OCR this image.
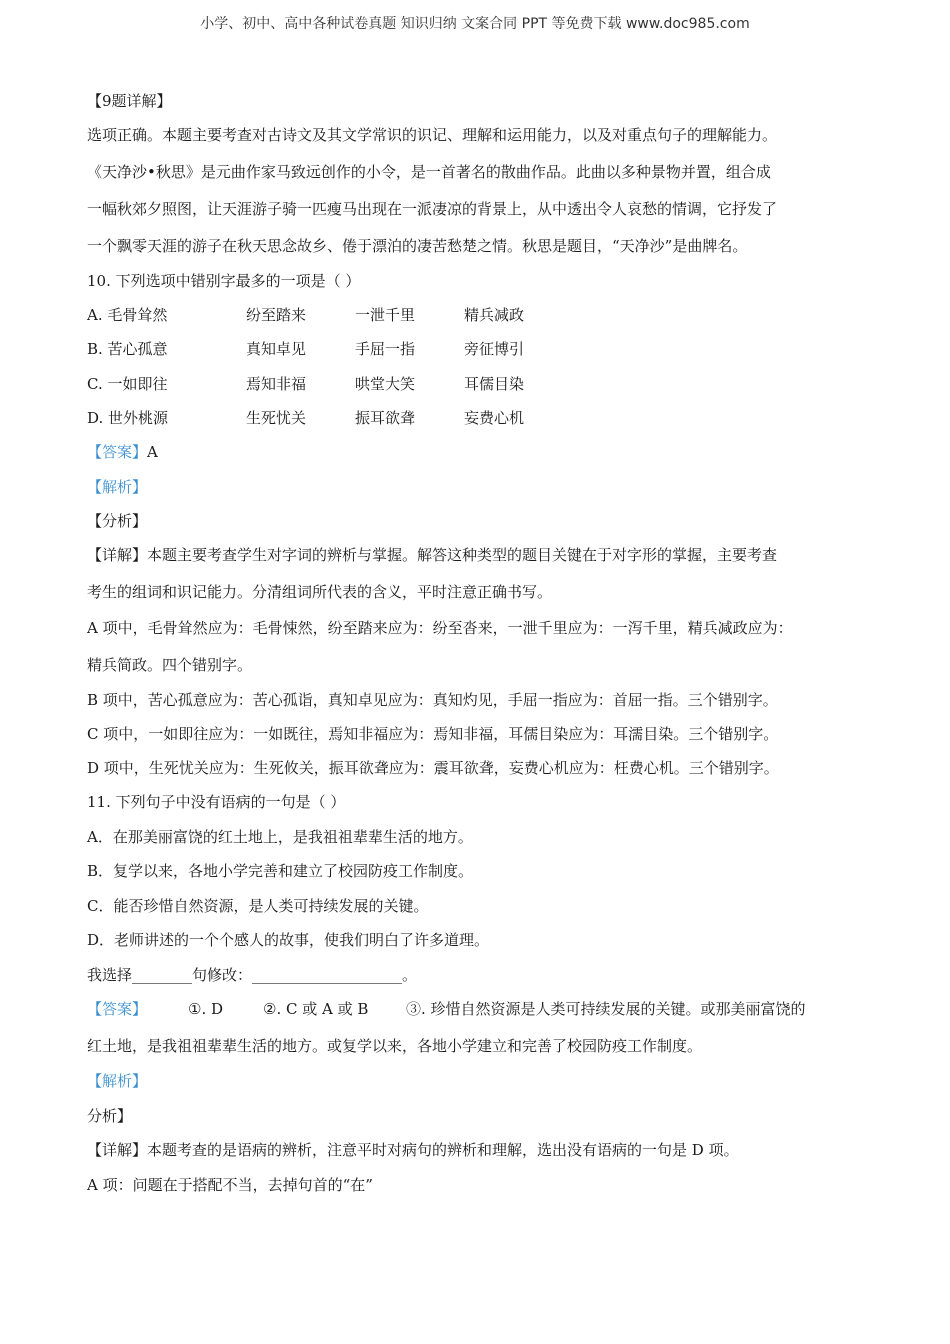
小学、初中、高中各种试卷真题 知识归纳 文案合同 PPT 等免费下载 www.doc985.com
【9题详解】
选项正确。本题主要考查对古诗文及其文学常识的识记、理解和运用能力，以及对重点句子的理解能力。
《天净沙•秋思》是元曲作家马致远创作的小令，是一首著名的散曲作品。此曲以多种景物并置，组合成
一幅秋郊夕照图，让天涯游子骑一匹瘦马出现在一派凄凉的背景上，从中透出令人哀愁的情调，它抒发了
一个飘零天涯的游子在秋天思念故乡、倦于漂泊的凄苦愁楚之情。秋思是题目，“天净沙”是曲牌名。
10. 下列选项中错别字最多的一项是（ ）
A. 毛骨耸然	纷至踏来	一泄千里	精兵减政
B. 苦心孤意	真知卓见	手屈一指	旁征博引
C. 一如即往	焉知非福	哄堂大笑	耳儒目染
D. 世外桃源	生死忧关	振耳欲聋	妄费心机
【答案】A
【解析】
【分析】
【详解】本题主要考查学生对字词的辨析与掌握。解答这种类型的题目关键在于对字形的掌握，主要考查
考生的组词和识记能力。分清组词所代表的含义，平时注意正确书写。
A 项中，毛骨耸然应为：毛骨悚然，纷至踏来应为：纷至沓来，一泄千里应为：一泻千里，精兵减政应为：
精兵简政。四个错别字。
B 项中，苦心孤意应为：苦心孤诣，真知卓见应为：真知灼见，手屈一指应为：首屈一指。三个错别字。
C 项中，一如即往应为：一如既往，焉知非福应为：焉知非福，耳儒目染应为：耳濡目染。三个错别字。
D 项中，生死忧关应为：生死攸关，振耳欲聋应为：震耳欲聋，妄费心机应为：枉费心机。三个错别字。
11. 下列句子中没有语病的一句是（ ）
A．在那美丽富饶的红土地上，是我祖祖辈辈生活的地方。
B．复学以来，各地小学完善和建立了校园防疫工作制度。
C．能否珍惜自然资源，是人类可持续发展的关键。
D．老师讲述的一个个感人的故事，使我们明白了许多道理。
我选择________句修改：____________________。
【答案】	①. D	②. C 或 A 或 B	③. 珍惜自然资源是人类可持续发展的关键。或那美丽富饶的
红土地，是我祖祖辈辈生活的地方。或复学以来，各地小学建立和完善了校园防疫工作制度。
【解析】
分析】
【详解】本题考查的是语病的辨析，注意平时对病句的辨析和理解，选出没有语病的一句是 D 项。
A 项：问题在于搭配不当，去掉句首的“在”
